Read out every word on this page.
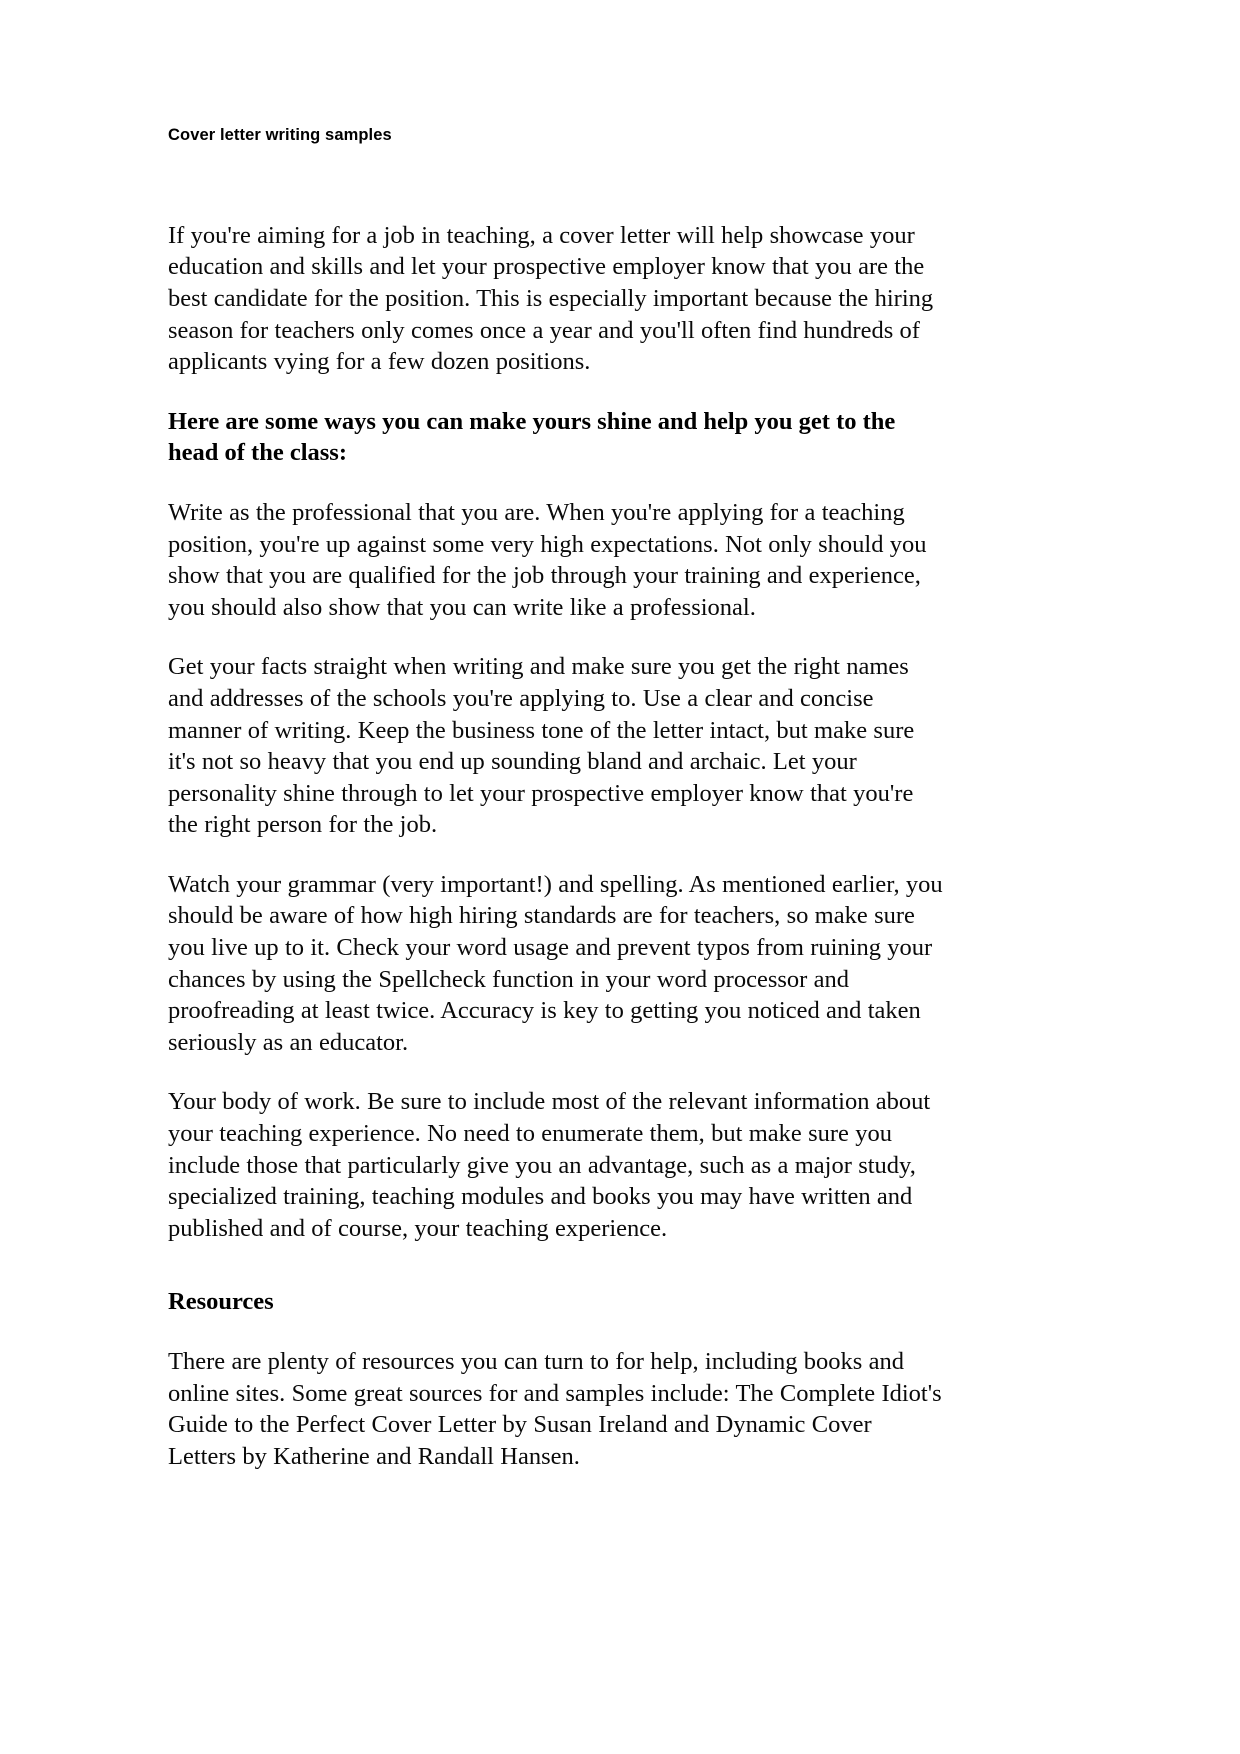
Cover letter writing samples

If you're aiming for a job in teaching, a cover letter will help showcase your education and skills and let your prospective employer know that you are the best candidate for the position. This is especially important because the hiring season for teachers only comes once a year and you'll often find hundreds of applicants vying for a few dozen positions.

Here are some ways you can make yours shine and help you get to the head of the class:

Write as the professional that you are. When you're applying for a teaching position, you're up against some very high expectations. Not only should you show that you are qualified for the job through your training and experience, you should also show that you can write like a professional.

Get your facts straight when writing and make sure you get the right names and addresses of the schools you're applying to. Use a clear and concise manner of writing. Keep the business tone of the letter intact, but make sure it's not so heavy that you end up sounding bland and archaic. Let your personality shine through to let your prospective employer know that you're the right person for the job.

Watch your grammar (very important!) and spelling. As mentioned earlier, you should be aware of how high hiring standards are for teachers, so make sure you live up to it. Check your word usage and prevent typos from ruining your chances by using the Spellcheck function in your word processor and proofreading at least twice. Accuracy is key to getting you noticed and taken seriously as an educator.

Your body of work. Be sure to include most of the relevant information about your teaching experience. No need to enumerate them, but make sure you include those that particularly give you an advantage, such as a major study, specialized training, teaching modules and books you may have written and published and of course, your teaching experience.

Resources

There are plenty of resources you can turn to for help, including books and online sites. Some great sources for and samples include: The Complete Idiot's Guide to the Perfect Cover Letter by Susan Ireland and Dynamic Cover Letters by Katherine and Randall Hansen.
